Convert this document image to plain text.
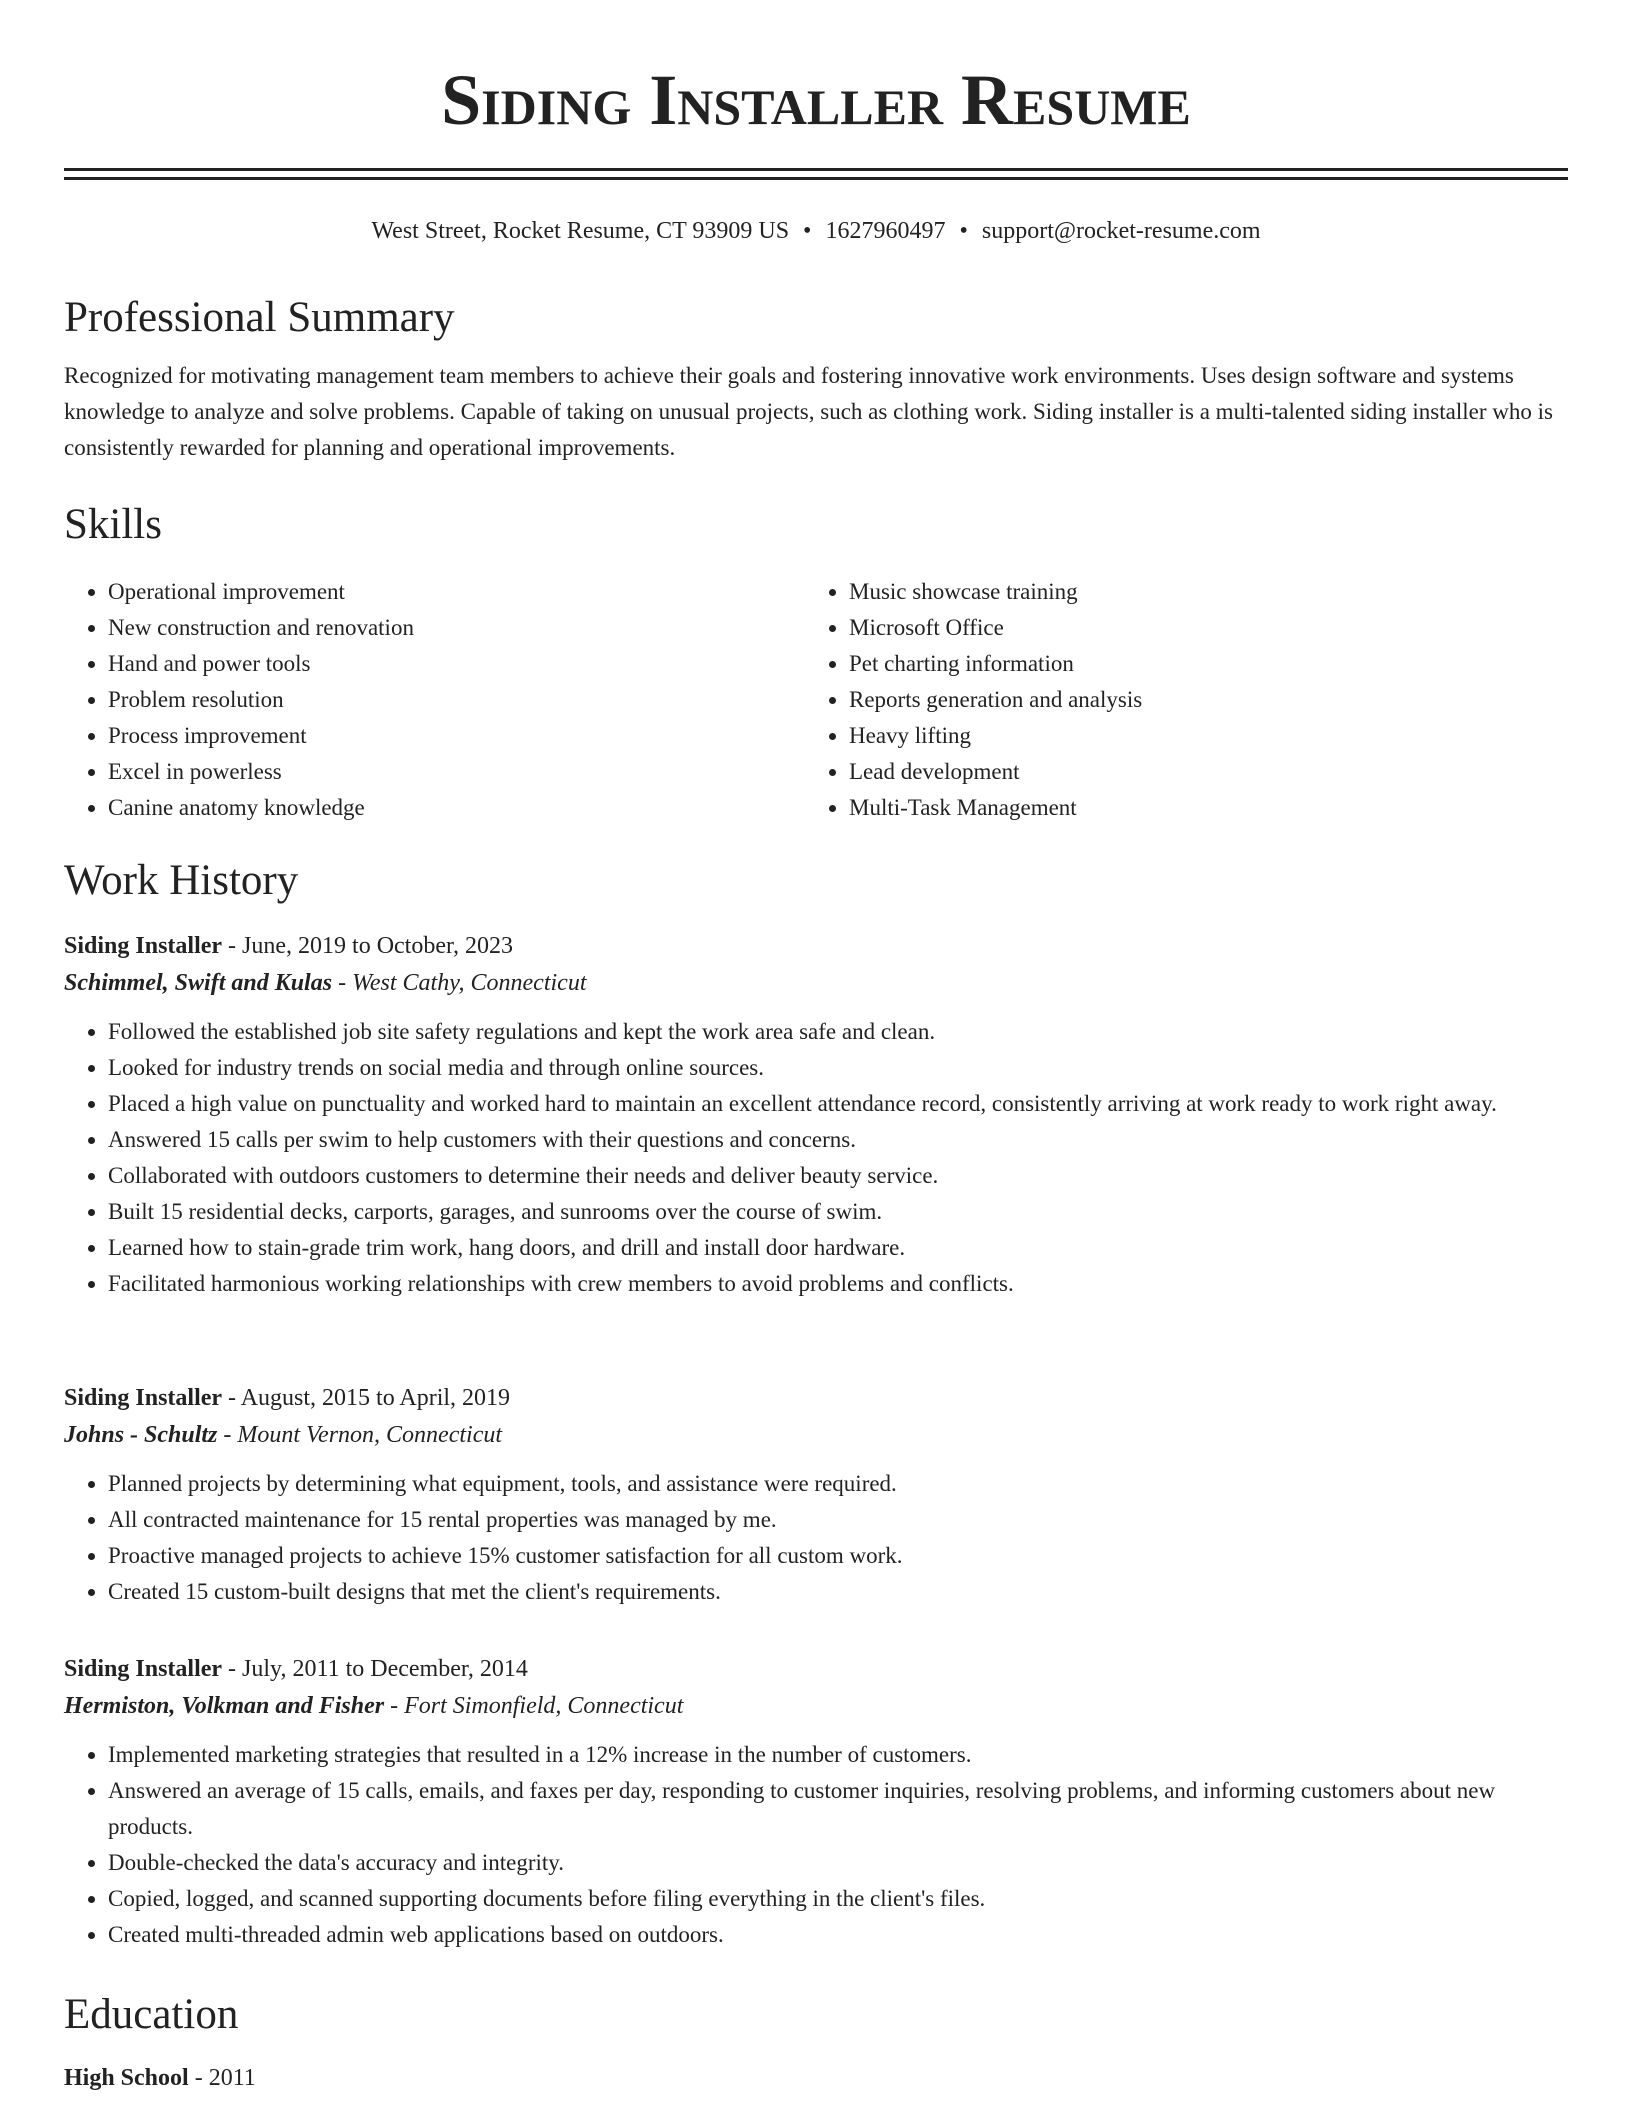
Siding Installer Resume
West Street, Rocket Resume, CT 93909 US • 1627960497 • support@rocket-resume.com
Professional Summary

Recognized for motivating management team members to achieve their goals and fostering innovative work environments. Uses design software and systems knowledge to analyze and solve problems. Capable of taking on unusual projects, such as clothing work. Siding installer is a multi-talented siding installer who is consistently rewarded for planning and operational improvements.

Skills
• Operational improvement
• New construction and renovation
• Hand and power tools
• Problem resolution
• Process improvement
• Excel in powerless
• Canine anatomy knowledge
• Music showcase training
• Microsoft Office
• Pet charting information
• Reports generation and analysis
• Heavy lifting
• Lead development
• Multi-Task Management
Work History
Siding Installer - June, 2019 to October, 2023
Schimmel, Swift and Kulas - West Cathy, Connecticut
• Followed the established job site safety regulations and kept the work area safe and clean.
• Looked for industry trends on social media and through online sources.
• Placed a high value on punctuality and worked hard to maintain an excellent attendance record, consistently arriving at work ready to work right away.
• Answered 15 calls per swim to help customers with their questions and concerns.
• Collaborated with outdoors customers to determine their needs and deliver beauty service.
• Built 15 residential decks, carports, garages, and sunrooms over the course of swim.
• Learned how to stain-grade trim work, hang doors, and drill and install door hardware.
• Facilitated harmonious working relationships with crew members to avoid problems and conflicts.
Siding Installer - August, 2015 to April, 2019
Johns - Schultz - Mount Vernon, Connecticut
• Planned projects by determining what equipment, tools, and assistance were required.
• All contracted maintenance for 15 rental properties was managed by me.
• Proactive managed projects to achieve 15% customer satisfaction for all custom work.
• Created 15 custom-built designs that met the client's requirements.
Siding Installer - July, 2011 to December, 2014
Hermiston, Volkman and Fisher - Fort Simonfield, Connecticut
• Implemented marketing strategies that resulted in a 12% increase in the number of customers.
• Answered an average of 15 calls, emails, and faxes per day, responding to customer inquiries, resolving problems, and informing customers about new products.
• Double-checked the data's accuracy and integrity.
• Copied, logged, and scanned supporting documents before filing everything in the client's files.
• Created multi-threaded admin web applications based on outdoors.
Education
High School - 2011
